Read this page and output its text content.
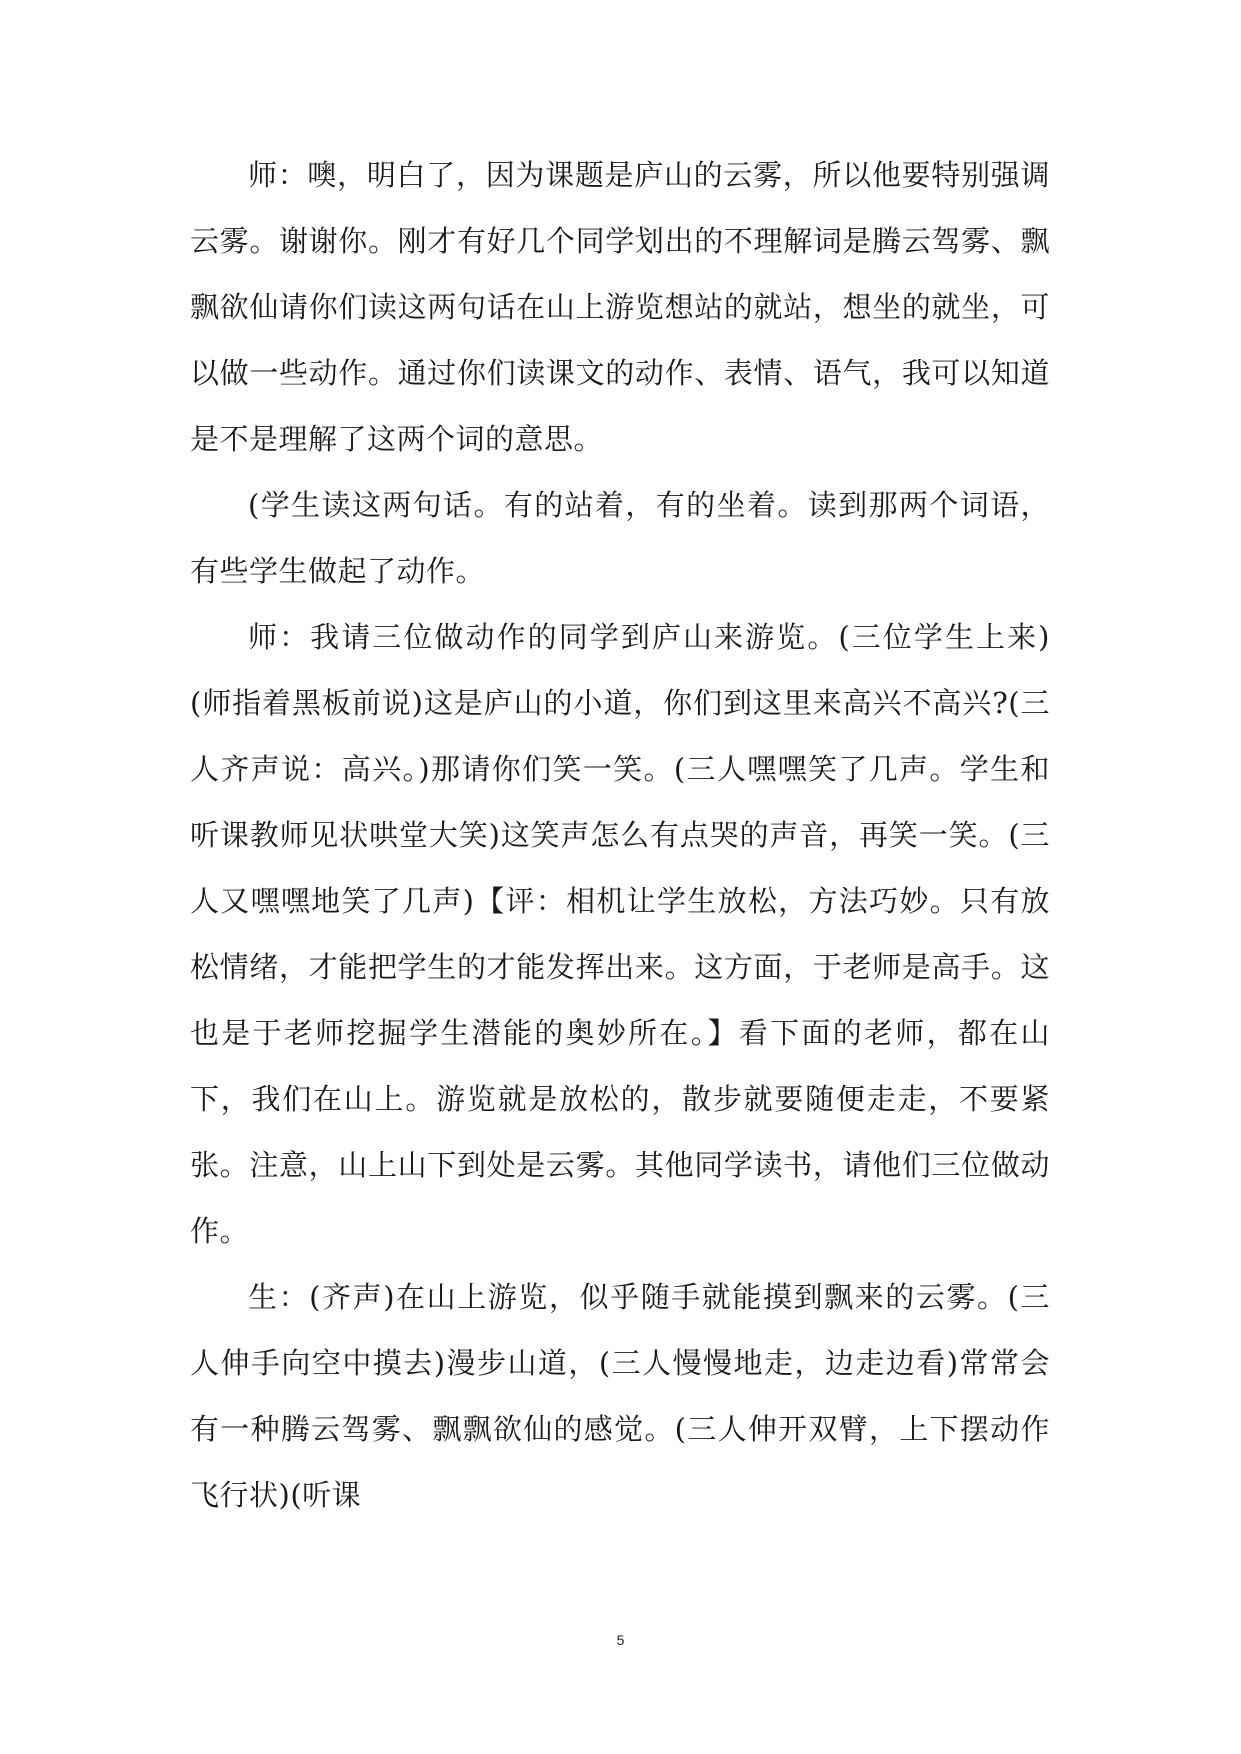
师：噢，明白了，因为课题是庐山的云雾，所以他要特别强调云雾。谢谢你。刚才有好几个同学划出的不理解词是腾云驾雾、飘飘欲仙请你们读这两句话在山上游览想站的就站，想坐的就坐，可以做一些动作。通过你们读课文的动作、表情、语气，我可以知道是不是理解了这两个词的意思。

(学生读这两句话。有的站着，有的坐着。读到那两个词语，有些学生做起了动作。

师：我请三位做动作的同学到庐山来游览。(三位学生上来)(师指着黑板前说)这是庐山的小道，你们到这里来高兴不高兴?(三人齐声说：高兴。)那请你们笑一笑。(三人嘿嘿笑了几声。学生和听课教师见状哄堂大笑)这笑声怎么有点哭的声音，再笑一笑。(三人又嘿嘿地笑了几声)【评：相机让学生放松，方法巧妙。只有放松情绪，才能把学生的才能发挥出来。这方面，于老师是高手。这也是于老师挖掘学生潜能的奥妙所在。】看下面的老师，都在山下，我们在山上。游览就是放松的，散步就要随便走走，不要紧张。注意，山上山下到处是云雾。其他同学读书，请他们三位做动作。

生：(齐声)在山上游览，似乎随手就能摸到飘来的云雾。(三人伸手向空中摸去)漫步山道，(三人慢慢地走，边走边看)常常会有一种腾云驾雾、飘飘欲仙的感觉。(三人伸开双臂，上下摆动作飞行状)(听课

5
